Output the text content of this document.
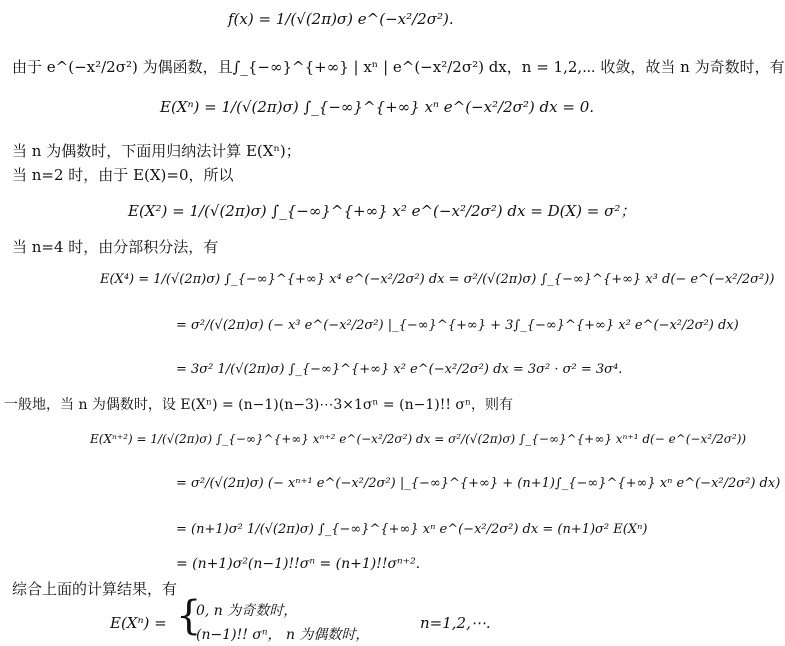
f(x) = 1/(√(2π)σ) e^(−x²/2σ²).
由于 e^(−x²/2σ²) 为偶函数，且∫_{−∞}^{+∞} | xⁿ | e^(−x²/2σ²) dx，n = 1,2,⋯ 收敛，故当 n 为奇数时，有
E(Xⁿ) = 1/(√(2π)σ) ∫_{−∞}^{+∞} xⁿ e^(−x²/2σ²) dx = 0.
当 n 为偶数时，下面用归纳法计算 E(Xⁿ)；
当 n=2 时，由于 E(X)=0，所以
E(X²) = 1/(√(2π)σ) ∫_{−∞}^{+∞} x² e^(−x²/2σ²) dx = D(X) = σ²；
当 n=4 时，由分部积分法，有
E(X⁴) = 1/(√(2π)σ) ∫_{−∞}^{+∞} x⁴ e^(−x²/2σ²) dx = σ²/(√(2π)σ) ∫_{−∞}^{+∞} x³ d(− e^(−x²/2σ²))
= σ²/(√(2π)σ) (− x³ e^(−x²/2σ²) |_{−∞}^{+∞} + 3∫_{−∞}^{+∞} x² e^(−x²/2σ²) dx)
= 3σ² 1/(√(2π)σ) ∫_{−∞}^{+∞} x² e^(−x²/2σ²) dx = 3σ² · σ² = 3σ⁴.
一般地，当 n 为偶数时，设 E(Xⁿ) = (n−1)(n−3)⋯3×1σⁿ = (n−1)!! σⁿ，则有
E(Xⁿ⁺²) = 1/(√(2π)σ) ∫_{−∞}^{+∞} xⁿ⁺² e^(−x²/2σ²) dx = σ²/(√(2π)σ) ∫_{−∞}^{+∞} xⁿ⁺¹ d(− e^(−x²/2σ²))
= σ²/(√(2π)σ) (− xⁿ⁺¹ e^(−x²/2σ²) |_{−∞}^{+∞} + (n+1)∫_{−∞}^{+∞} xⁿ e^(−x²/2σ²) dx)
= (n+1)σ² 1/(√(2π)σ) ∫_{−∞}^{+∞} xⁿ e^(−x²/2σ²) dx = (n+1)σ² E(Xⁿ)
= (n+1)σ²(n−1)!!σⁿ = (n+1)!!σⁿ⁺².
综合上面的计算结果，有
E(Xⁿ) = {
0, n 为奇数时，
(n−1)!! σⁿ， n 为偶数时，
n=1,2,⋯.
